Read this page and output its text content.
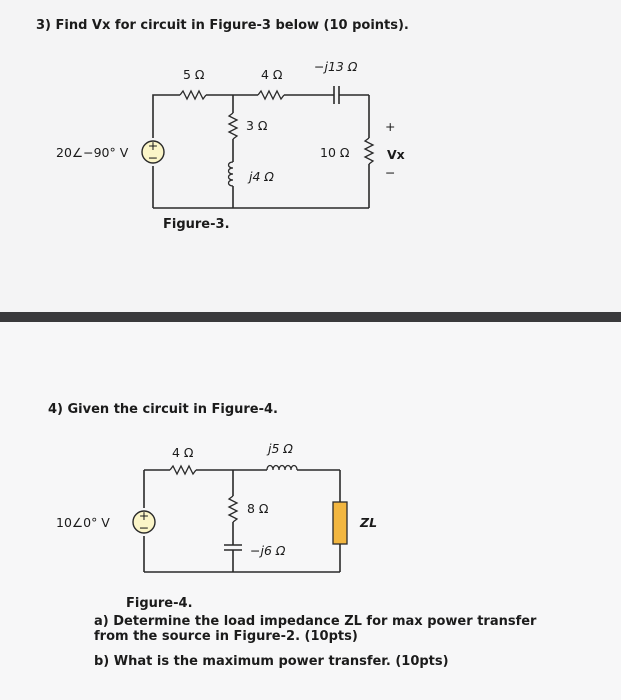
3) Find Vx for circuit in Figure-3 below (10 points).
Figure-3.
4) Given the circuit in Figure-4.
Figure-4.
a) Determine the load impedance ZL for max power transfer from the source in Figure-2. (10pts)
b) What is the maximum power transfer. (10pts)
+
−
20∠−90° V
5 Ω	4 Ω
−j13 Ω
3 Ω
j4 Ω
10 Ω
+
Vx
−
+
−
10∠0° V
4 Ω	j5 Ω
8 Ω
−j6 Ω
ZL
